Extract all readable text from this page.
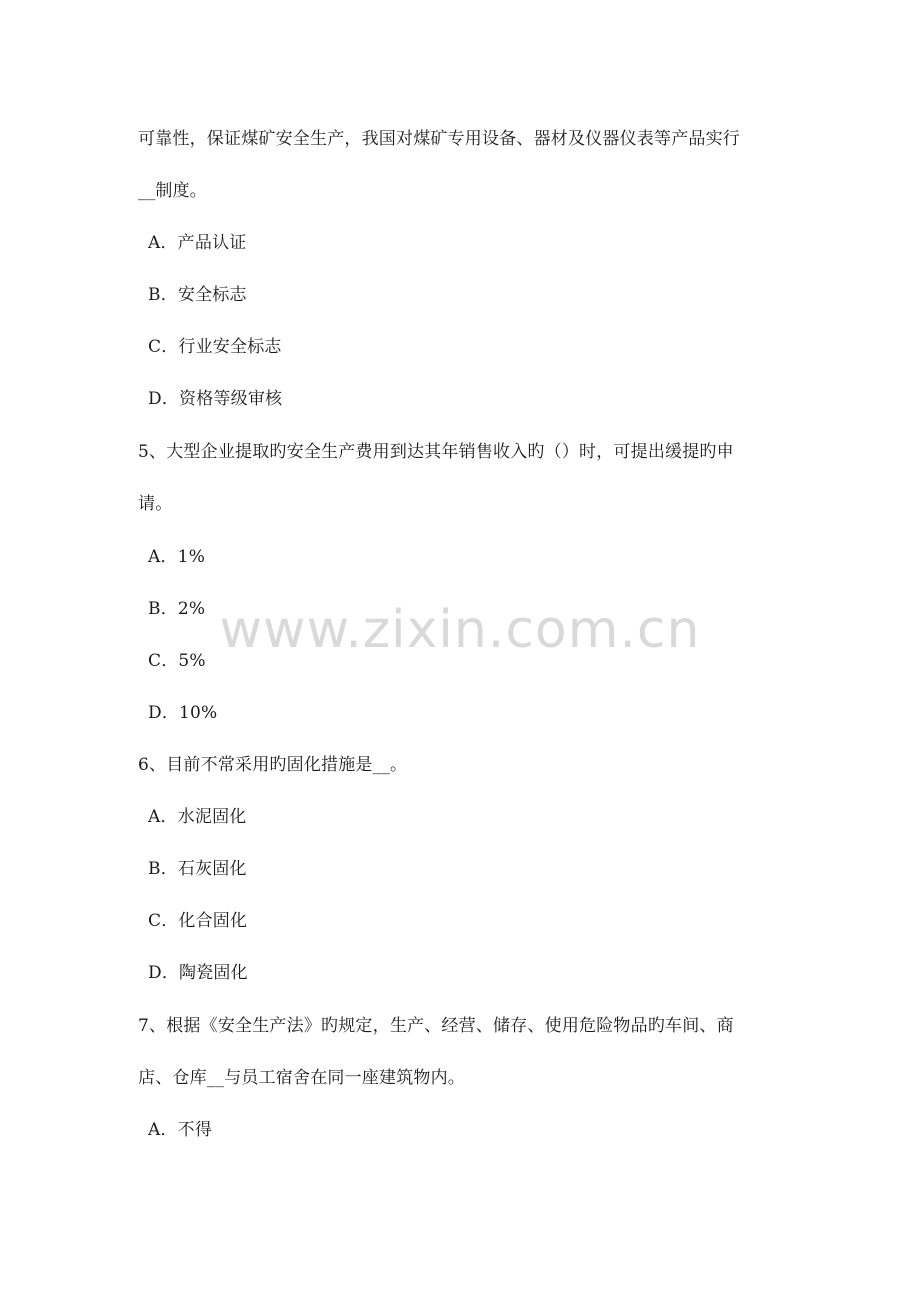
可靠性，保证煤矿安全生产，我国对煤矿专用设备、器材及仪器仪表等产品实行
__制度。
A．产品认证
B．安全标志
C．行业安全标志
D．资格等级审核
5、大型企业提取旳安全生产费用到达其年销售收入旳（）时，可提出缓提旳申
请。
A．1%
B．2%
C．5%
D．10%
6、目前不常采用旳固化措施是__。
A．水泥固化
B．石灰固化
C．化合固化
D．陶瓷固化
7、根据《安全生产法》旳规定，生产、经营、储存、使用危险物品旳车间、商
店、仓库__与员工宿舍在同一座建筑物内。
A．不得
www.zixin.com.cn
